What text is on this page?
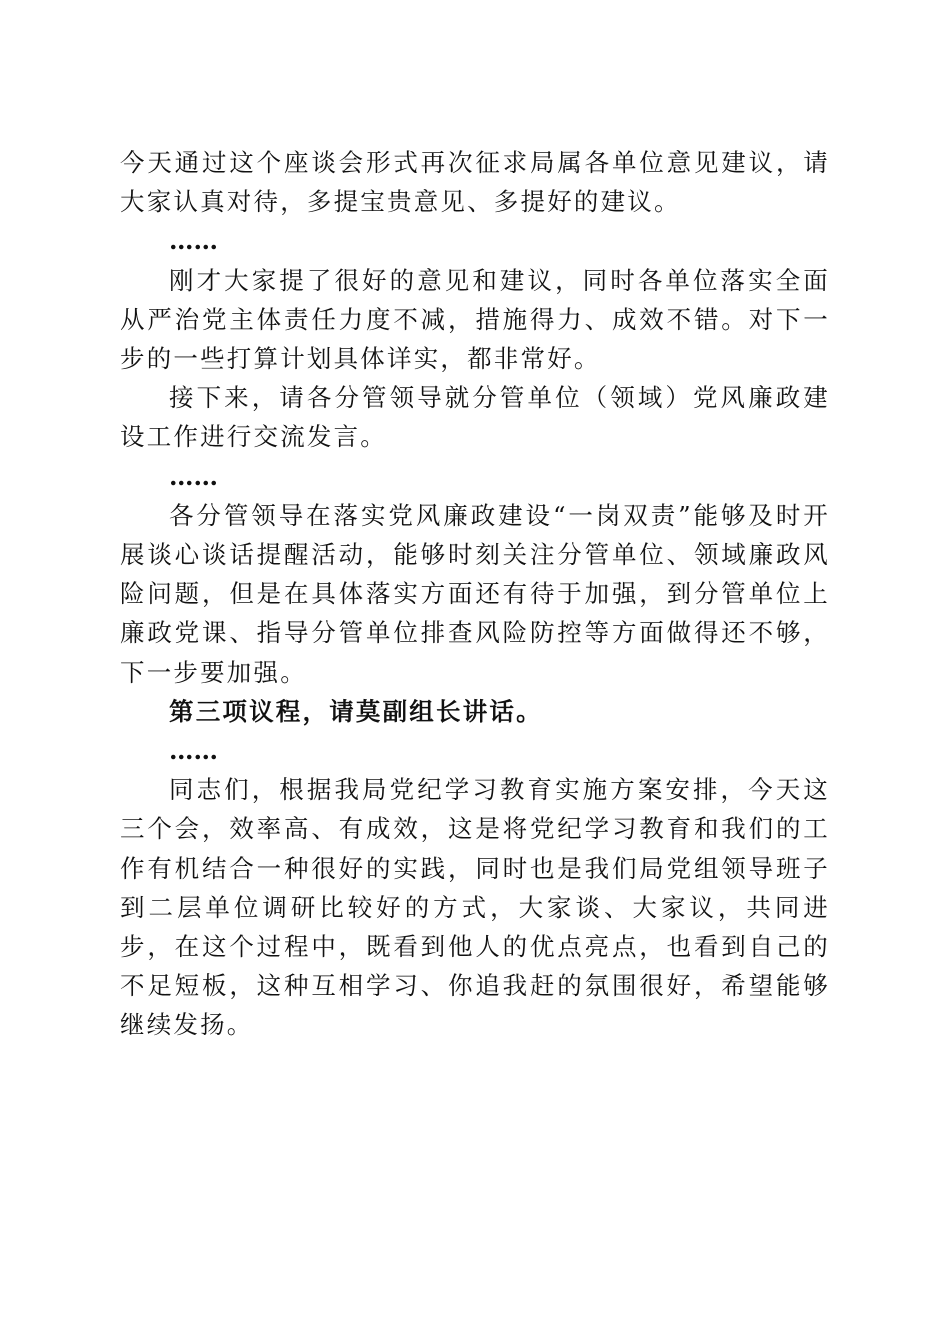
今天通过这个座谈会形式再次征求局属各单位意见建议，请大家认真对待，多提宝贵意见、多提好的建议。

……

刚才大家提了很好的意见和建议，同时各单位落实全面从严治党主体责任力度不减，措施得力、成效不错。对下一步的一些打算计划具体详实，都非常好。

接下来，请各分管领导就分管单位（领域）党风廉政建设工作进行交流发言。

……

各分管领导在落实党风廉政建设“一岗双责”能够及时开展谈心谈话提醒活动，能够时刻关注分管单位、领域廉政风险问题，但是在具体落实方面还有待于加强，到分管单位上廉政党课、指导分管单位排查风险防控等方面做得还不够，下一步要加强。

第三项议程，请莫副组长讲话。

……

同志们，根据我局党纪学习教育实施方案安排，今天这三个会，效率高、有成效，这是将党纪学习教育和我们的工作有机结合一种很好的实践，同时也是我们局党组领导班子到二层单位调研比较好的方式，大家谈、大家议，共同进步，在这个过程中，既看到他人的优点亮点，也看到自己的不足短板，这种互相学习、你追我赶的氛围很好，希望能够继续发扬。
